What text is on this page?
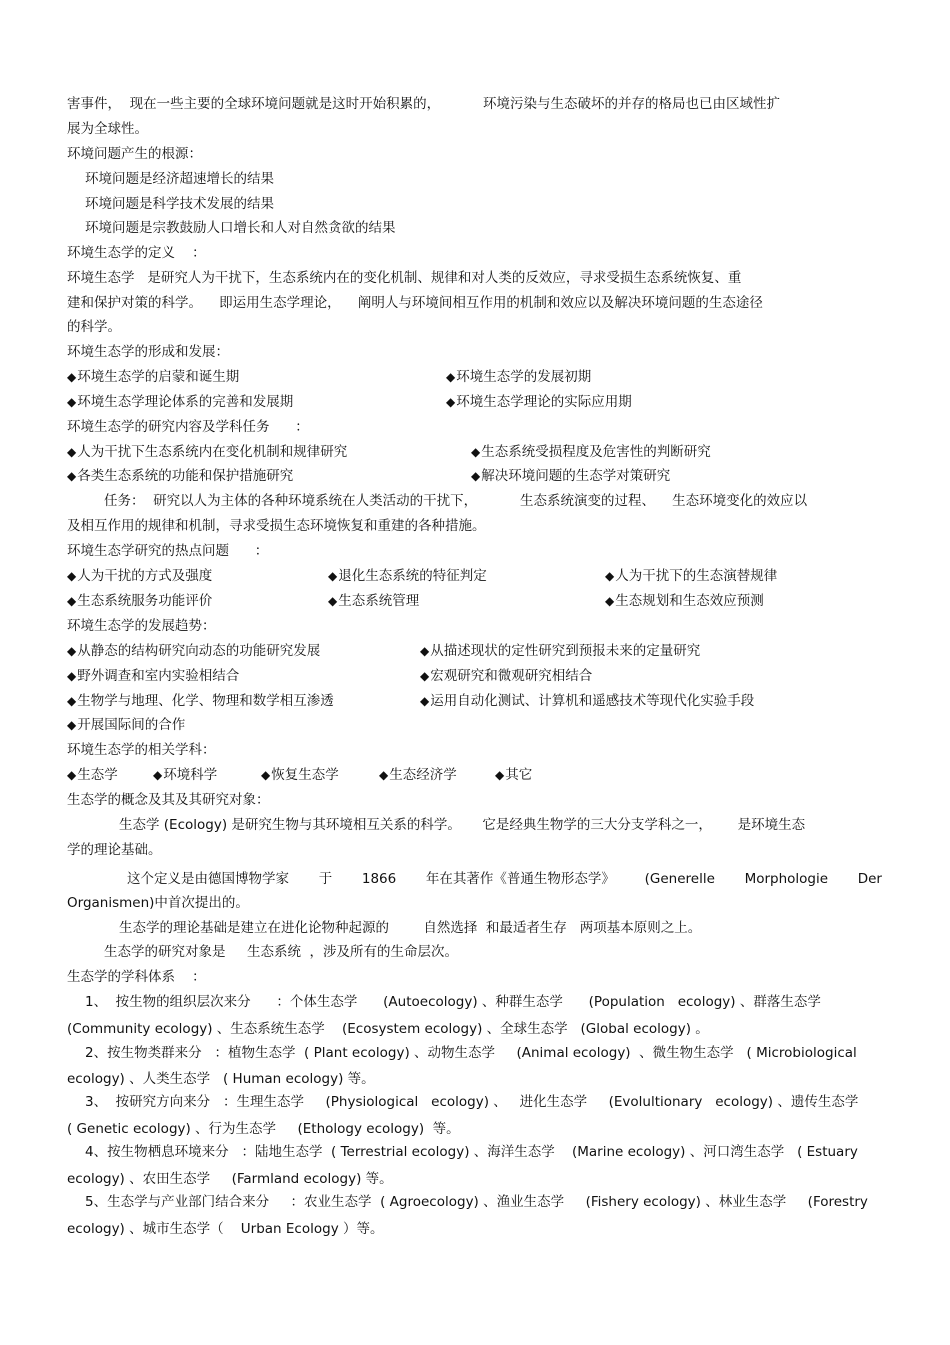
害事件，  现在一些主要的全球环境问题就是这时开始积累的，          环境污染与生态破坏的并存的格局也已由区域性扩
展为全球性。
环境问题产生的根源：
环境问题是经济超速增长的结果
环境问题是科学技术发展的结果
环境问题是宗教鼓励人口增长和人对自然贪欲的结果
环境生态学的定义    ：
环境生态学   是研究人为干扰下，生态系统内在的变化机制、规律和对人类的反效应，寻求受损生态系统恢复、重
建和保护对策的科学。    即运用生态学理论，    阐明人与环境间相互作用的机制和效应以及解决环境问题的生态途径
的科学。
环境生态学的形成和发展：
◆ 环境生态学的启蒙和诞生期	◆ 环境生态学的发展初期
◆ 环境生态学理论体系的完善和发展期	◆ 环境生态学理论的实际应用期
环境生态学的研究内容及学科任务      ：
◆ 人为干扰下生态系统内在变化机制和规律研究	◆ 生态系统受损程度及危害性的判断研究
◆ 各类生态系统的功能和保护措施研究	◆ 解决环境问题的生态学对策研究
任务：  研究以人为主体的各种环境系统在人类活动的干扰下，          生态系统演变的过程、    生态环境变化的效应以
及相互作用的规律和机制，寻求受损生态环境恢复和重建的各种措施。
环境生态学研究的热点问题      ：
◆ 人为干扰的方式及强度	◆ 退化生态系统的特征判定	◆ 人为干扰下的生态演替规律
◆ 生态系统服务功能评价	◆ 生态系统管理	◆ 生态规划和生态效应预测
环境生态学的发展趋势：
◆ 从静态的结构研究向动态的功能研究发展	◆ 从描述现状的定性研究到预报未来的定量研究
◆ 野外调查和室内实验相结合	◆ 宏观研究和微观研究相结合
◆ 生物学与地理、化学、物理和数学相互渗透	◆ 运用自动化测试、计算机和遥感技术等现代化实验手段
◆ 开展国际间的合作
环境生态学的相关学科：
◆ 生态学	◆ 环境科学	◆ 恢复生态学	◆ 生态经济学	◆ 其它
生态学的概念及其及其研究对象：
生态学 (Ecology) 是研究生物与其环境相互关系的科学。     它是经典生物学的三大分支学科之一，      是环境生态
学的理论基础。
这个定义是由德国博物学家 于 1866 年在其著作《普通生物形态学》 (Generelle Morphologie Der
Organismen)中首次提出的。
生态学的理论基础是建立在进化论物种起源的        自然选择  和最适者生存   两项基本原则之上。
生态学的研究对象是     生态系统  ，涉及所有的生命层次。
生态学的学科体系    ：
1、  按生物的组织层次来分      ：个体生态学      (Autoecology) 、种群生态学      (Population   ecology) 、群落生态学
(Community ecology) 、生态系统生态学    (Ecosystem ecology) 、全球生态学   (Global ecology) 。
2、按生物类群来分   ：植物生态学  ( Plant ecology) 、动物生态学     (Animal ecology)  、微生物生态学   ( Microbiological
ecology) 、人类生态学   ( Human ecology) 等。
3、  按研究方向来分   ：生理生态学     (Physiological   ecology) 、   进化生态学     (Evolultionary   ecology) 、遗传生态学
( Genetic ecology) 、行为生态学     (Ethology ecology)  等。
4、按生物栖息环境来分   ：陆地生态学  ( Terrestrial ecology) 、海洋生态学    (Marine ecology) 、河口湾生态学   ( Estuary
ecology) 、农田生态学     (Farmland ecology) 等。
5、生态学与产业部门结合来分     ：农业生态学  ( Agroecology) 、渔业生态学     (Fishery ecology) 、林业生态学     (Forestry
ecology) 、城市生态学（    Urban Ecology ）等。
